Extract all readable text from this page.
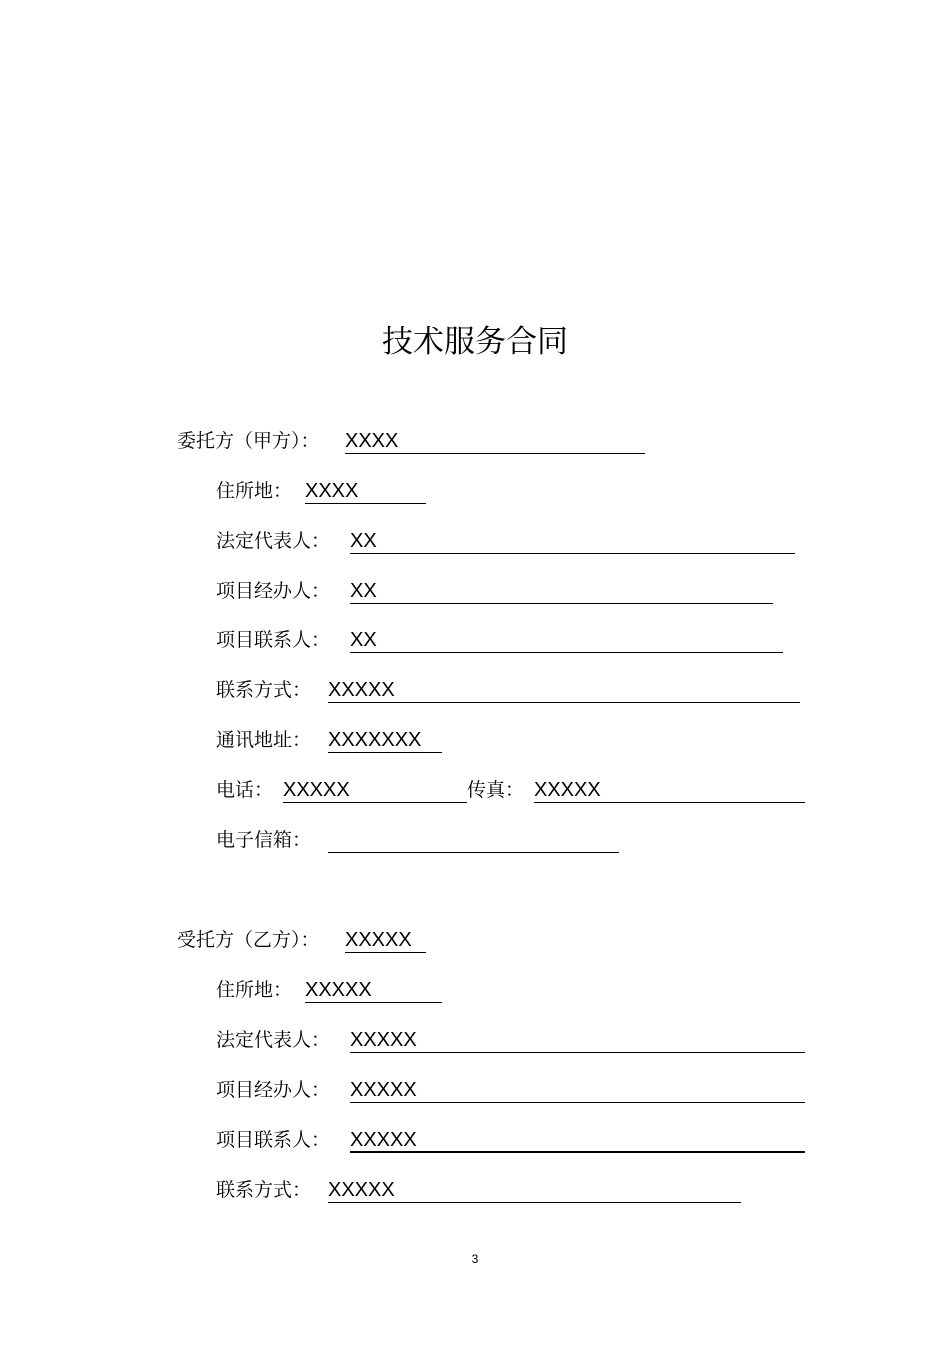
技术服务合同
委托方（甲方）： XXXX
住所地： XXXX
法定代表人： XX
项目经办人： XX
项目联系人： XX
联系方式： XXXXX
通讯地址： XXXXXXX
电话： XXXXX	传真： XXXXX
电子信箱：
受托方（乙方）： XXXXX
住所地： XXXXX
法定代表人： XXXXX
项目经办人： XXXXX
项目联系人： XXXXX
联系方式： XXXXX
3
